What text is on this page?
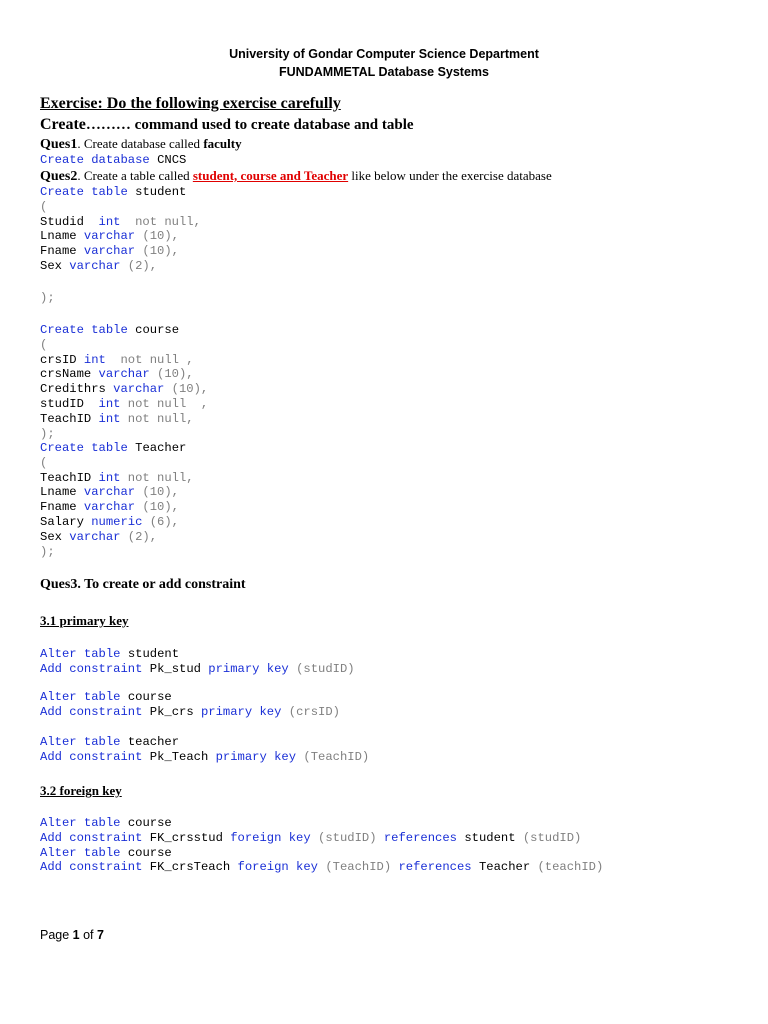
University of Gondar Computer Science Department
FUNDAMMETAL Database Systems
Exercise: Do the following exercise carefully
Create……… command used to create database and table
Ques1. Create database called faculty
Create database CNCS
Ques2. Create a table called student, course and Teacher like below under the exercise database
Create table student
(
Studid  int  not null,
Lname varchar (10),
Fname varchar (10),
Sex varchar (2),
);
Create table course
(
crsID int  not null ,
crsName varchar (10),
Credithrs varchar (10),
studID  int not null  ,
TeachID int not null,
);
Create table Teacher
(
TeachID int not null,
Lname varchar (10),
Fname varchar (10),
Salary numeric (6),
Sex varchar (2),
);
Ques3. To create or add constraint
3.1 primary key
Alter table student
Add constraint Pk_stud primary key (studID)
Alter table course
Add constraint Pk_crs primary key (crsID)
Alter table teacher
Add constraint Pk_Teach primary key (TeachID)
3.2 foreign key
Alter table course
Add constraint FK_crsstud foreign key (studID) references student (studID)
Alter table course
Add constraint FK_crsTeach foreign key (TeachID) references Teacher (teachID)
Page 1 of 7
